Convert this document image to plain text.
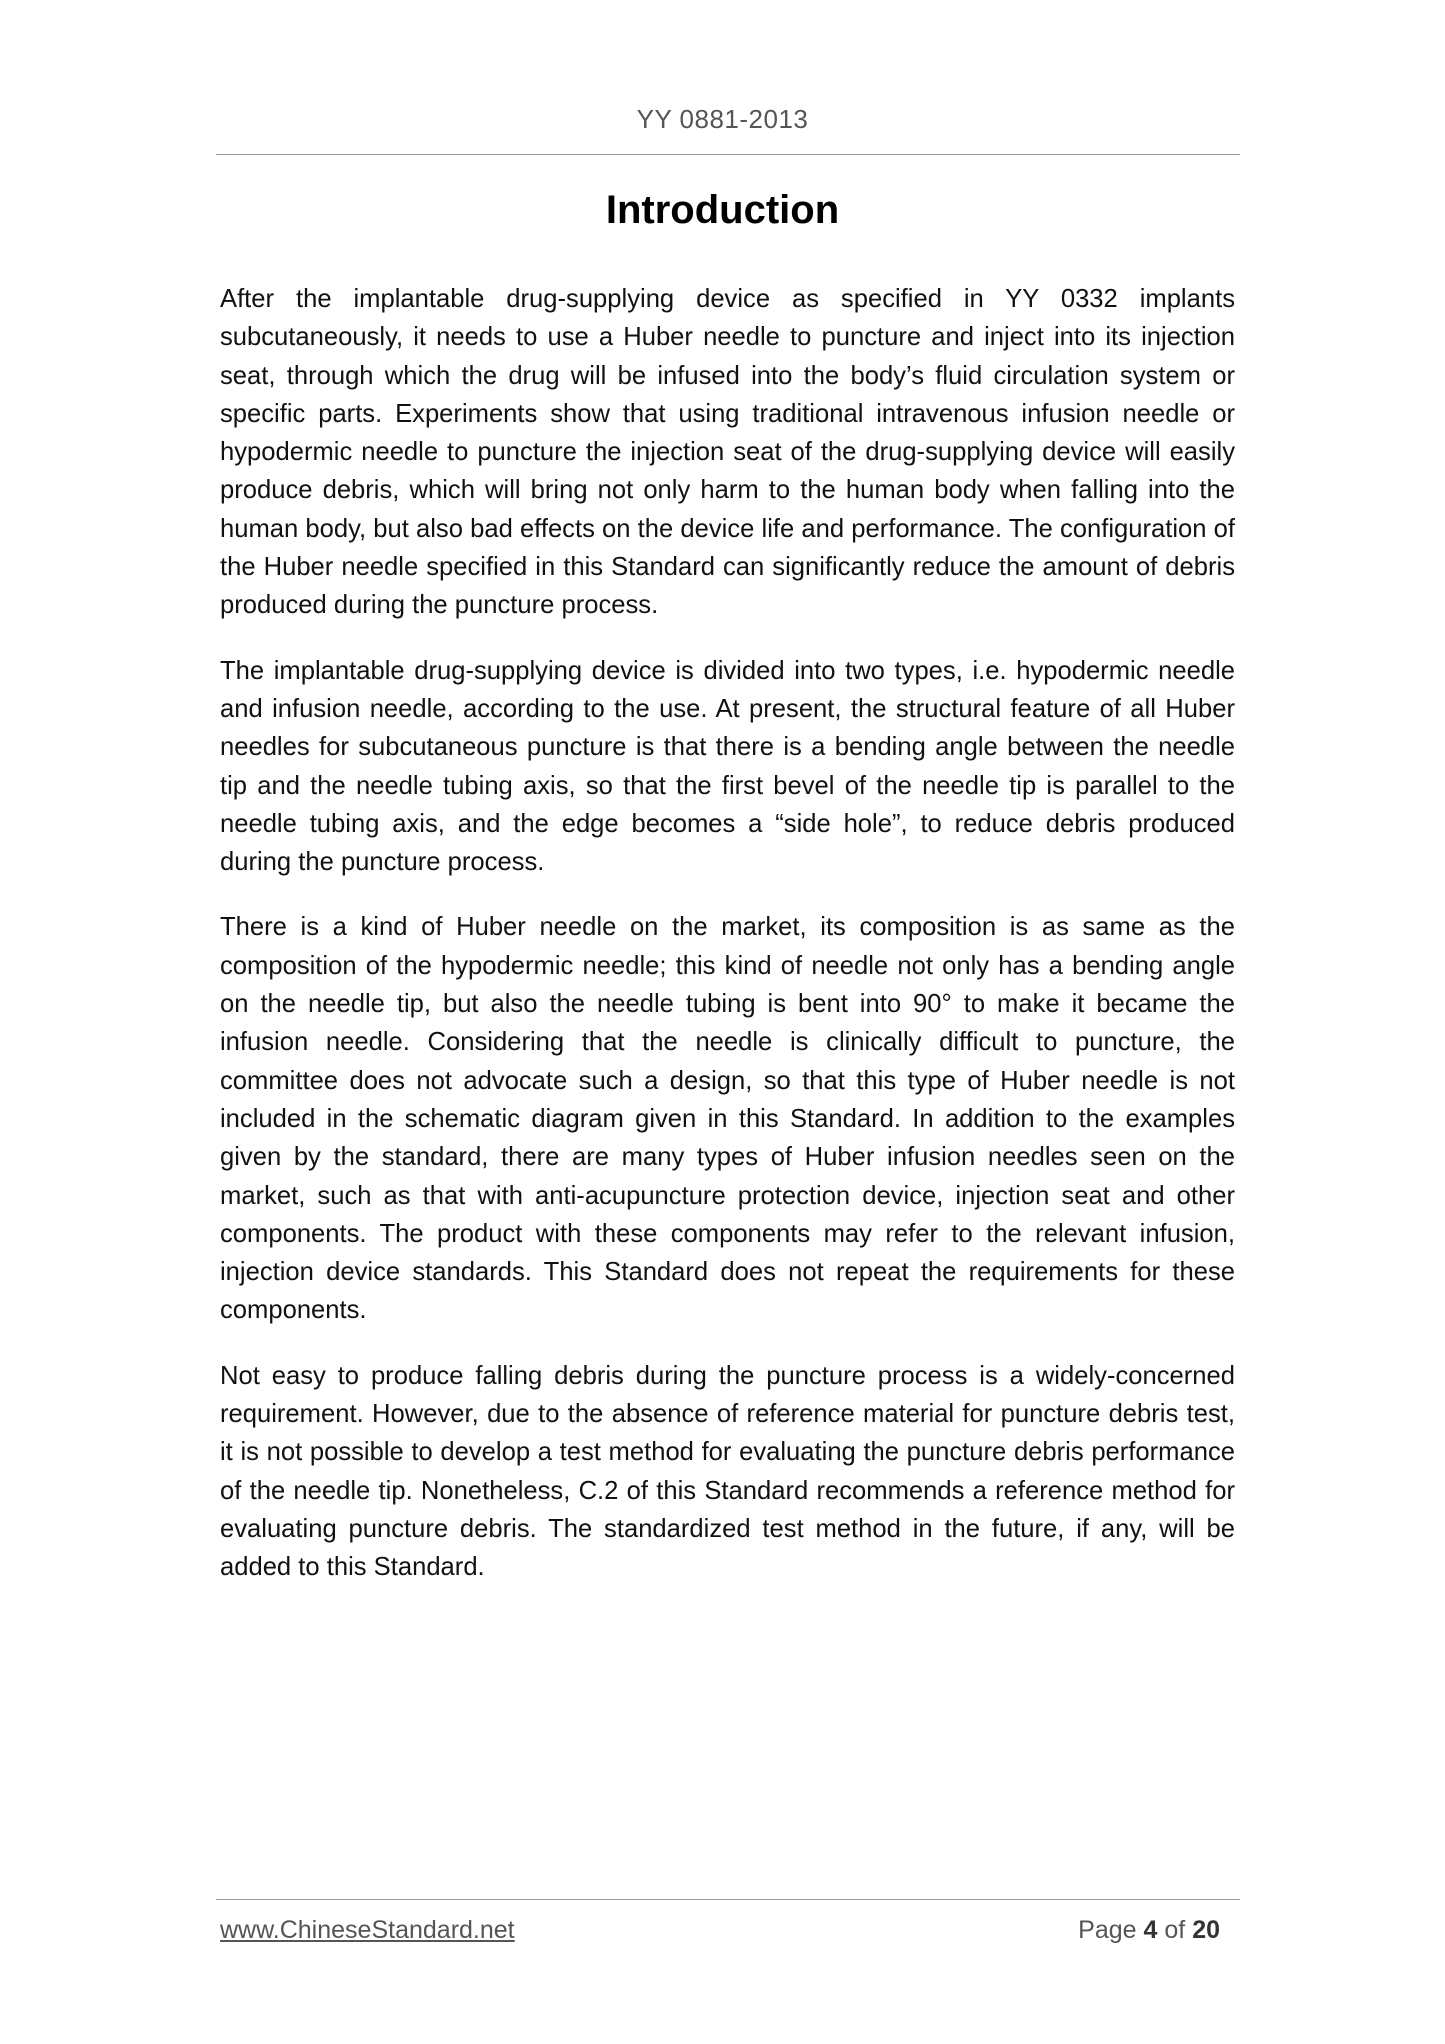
YY 0881-2013
Introduction

After the implantable drug-supplying device as specified in YY 0332 implants subcutaneously, it needs to use a Huber needle to puncture and inject into its injection seat, through which the drug will be infused into the body’s fluid circulation system or specific parts. Experiments show that using traditional intravenous infusion needle or hypodermic needle to puncture the injection seat of the drug-supplying device will easily produce debris, which will bring not only harm to the human body when falling into the human body, but also bad effects on the device life and performance. The configuration of the Huber needle specified in this Standard can significantly reduce the amount of debris produced during the puncture process.

The implantable drug-supplying device is divided into two types, i.e. hypodermic needle and infusion needle, according to the use. At present, the structural feature of all Huber needles for subcutaneous puncture is that there is a bending angle between the needle tip and the needle tubing axis, so that the first bevel of the needle tip is parallel to the needle tubing axis, and the edge becomes a “side hole”, to reduce debris produced during the puncture process.

There is a kind of Huber needle on the market, its composition is as same as the composition of the hypodermic needle; this kind of needle not only has a bending angle on the needle tip, but also the needle tubing is bent into 90° to make it became the infusion needle. Considering that the needle is clinically difficult to puncture, the committee does not advocate such a design, so that this type of Huber needle is not included in the schematic diagram given in this Standard. In addition to the examples given by the standard, there are many types of Huber infusion needles seen on the market, such as that with anti-acupuncture protection device, injection seat and other components. The product with these components may refer to the relevant infusion, injection device standards. This Standard does not repeat the requirements for these components.

Not easy to produce falling debris during the puncture process is a widely-concerned requirement. However, due to the absence of reference material for puncture debris test, it is not possible to develop a test method for evaluating the puncture debris performance of the needle tip. Nonetheless, C.2 of this Standard recommends a reference method for evaluating puncture debris. The standardized test method in the future, if any, will be added to this Standard.

www.ChineseStandard.net	Page 4 of 20
